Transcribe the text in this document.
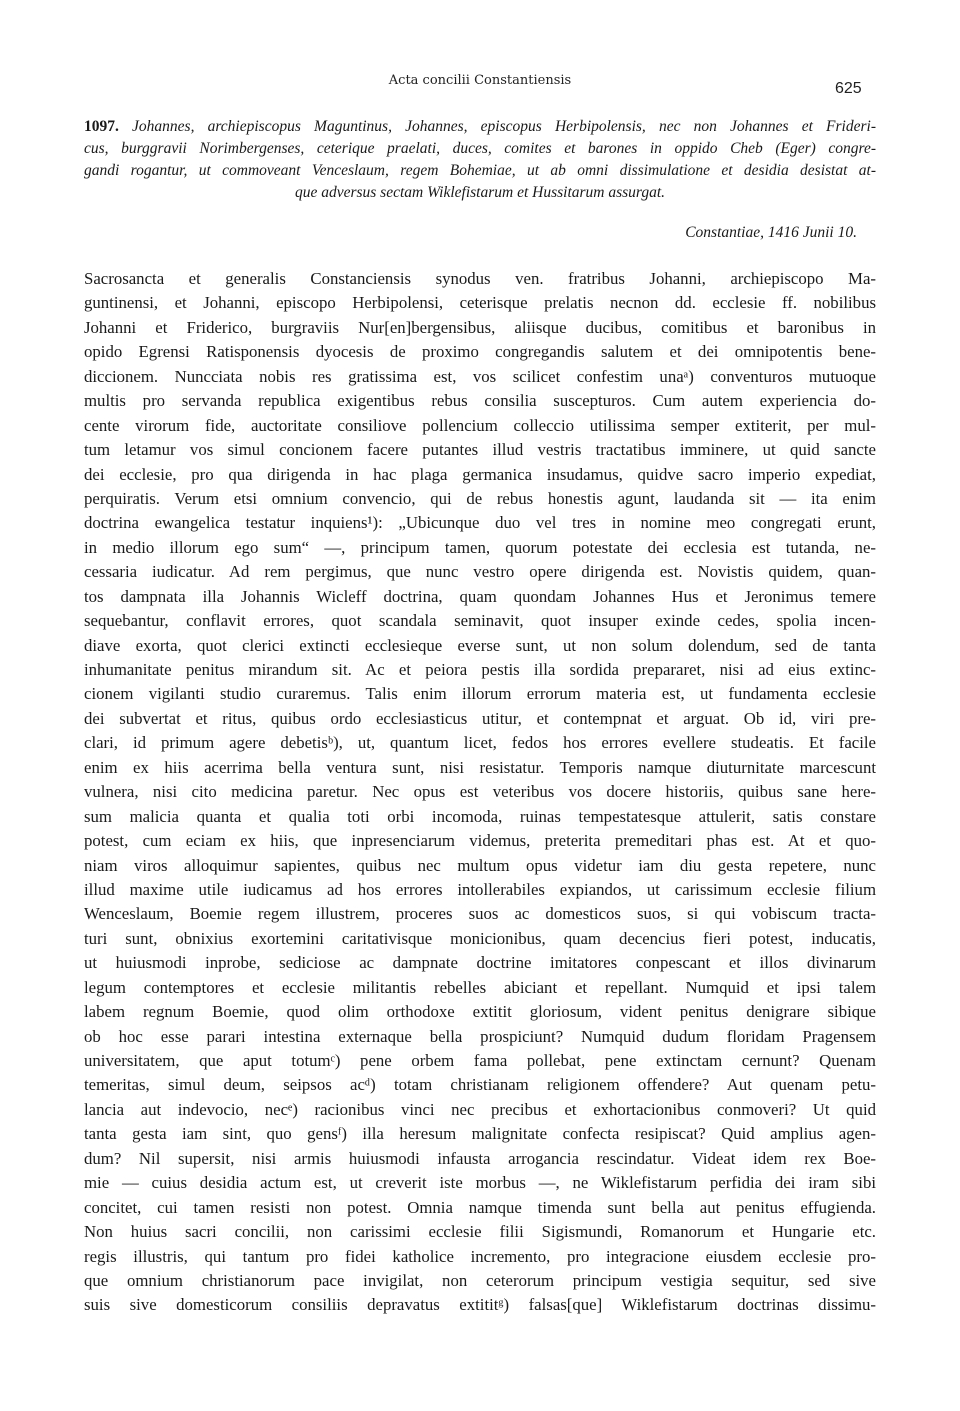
Acta concilii Constantiensis	625
1097. Johannes, archiepiscopus Maguntinus, Johannes, episcopus Herbipolensis, nec non Johannes et Frideri-
cus, burggravii Norimbergenses, ceterique praelati, duces, comites et barones in oppido Cheb (Eger) congre-
gandi rogantur, ut commoveant Venceslaum, regem Bohemiae, ut ab omni dissimulatione et desidia desistat at-
que adversus sectam Wiklefistarum et Hussitarum assurgat.
Constantiae, 1416 Junii 10.
Sacrosancta et generalis Constanciensis synodus ven. fratribus Johanni, archiepiscopo Ma-
guntinensi, et Johanni, episcopo Herbipolensi, ceterisque prelatis necnon dd. ecclesie ff. nobilibus
Johanni et Friderico, burgraviis Nur[en]bergensibus, aliisque ducibus, comitibus et baronibus in
opido Egrensi Ratisponensis dyocesis de proximo congregandis salutem et dei omnipotentis bene-
diccionem. Nuncciata nobis res gratissima est, vos scilicet confestim unaᵃ) conventuros mutuoque
multis pro servanda republica exigentibus rebus consilia suscepturos. Cum autem experiencia do-
cente virorum fide, auctoritate consiliove pollencium colleccio utilissima semper extiterit, per mul-
tum letamur vos simul concionem facere putantes illud vestris tractatibus imminere, ut quid sancte
dei ecclesie, pro qua dirigenda in hac plaga germanica insudamus, quidve sacro imperio expediat,
perquiratis. Verum etsi omnium convencio, qui de rebus honestis agunt, laudanda sit — ita enim
doctrina ewangelica testatur inquiens¹): „Ubicunque duo vel tres in nomine meo congregati erunt,
in medio illorum ego sum“ —, principum tamen, quorum potestate dei ecclesia est tutanda, ne-
cessaria iudicatur. Ad rem pergimus, que nunc vestro opere dirigenda est. Novistis quidem, quan-
tos dampnata illa Johannis Wicleff doctrina, quam quondam Johannes Hus et Jeronimus temere
sequebantur, conflavit errores, quot scandala seminavit, quot insuper exinde cedes, spolia incen-
diave exorta, quot clerici extincti ecclesieque everse sunt, ut non solum dolendum, sed de tanta
inhumanitate penitus mirandum sit. Ac et peiora pestis illa sordida prepararet, nisi ad eius extinc-
cionem vigilanti studio curaremus. Talis enim illorum errorum materia est, ut fundamenta ecclesie
dei subvertat et ritus, quibus ordo ecclesiasticus utitur, et contempnat et arguat. Ob id, viri pre-
clari, id primum agere debetisᵇ), ut, quantum licet, fedos hos errores evellere studeatis. Et facile
enim ex hiis acerrima bella ventura sunt, nisi resistatur. Temporis namque diuturnitate marcescunt
vulnera, nisi cito medicina paretur. Nec opus est veteribus vos docere historiis, quibus sane here-
sum malicia quanta et qualia toti orbi incomoda, ruinas tempestatesque attulerit, satis constare
potest, cum eciam ex hiis, que inpresenciarum videmus, preterita premeditari phas est. At et quo-
niam viros alloquimur sapientes, quibus nec multum opus videtur iam diu gesta repetere, nunc
illud maxime utile iudicamus ad hos errores intollerabiles expiandos, ut carissimum ecclesie filium
Wenceslaum, Boemie regem illustrem, proceres suos ac domesticos suos, si qui vobiscum tracta-
turi sunt, obnixius exortemini caritativisque monicionibus, quam decencius fieri potest, inducatis,
ut huiusmodi inprobe, sediciose ac dampnate doctrine imitatores conpescant et illos divinarum
legum contemptores et ecclesie militantis rebelles abiciant et repellant. Numquid et ipsi talem
labem regnum Boemie, quod olim orthodoxe extitit gloriosum, vident penitus denigrare sibique
ob hoc esse parari intestina externaque bella prospiciunt? Numquid dudum floridam Pragensem
universitatem, que aput totumᶜ) pene orbem fama pollebat, pene extinctam cernunt? Quenam
temeritas, simul deum, seipsos acᵈ) totam christianam religionem offendere? Aut quenam petu-
lancia aut indevocio, necᵉ) racionibus vinci nec precibus et exhortacionibus conmoveri? Ut quid
tanta gesta iam sint, quo gensᶠ) illa heresum malignitate confecta resipiscat? Quid amplius agen-
dum? Nil supersit, nisi armis huiusmodi infausta arrogancia rescindatur. Videat idem rex Boe-
mie — cuius desidia actum est, ut creverit iste morbus —, ne Wiklefistarum perfidia dei iram sibi
concitet, cui tamen resisti non potest. Omnia namque timenda sunt bella aut penitus effugienda.
Non huius sacri concilii, non carissimi ecclesie filii Sigismundi, Romanorum et Hungarie etc.
regis illustris, qui tantum pro fidei katholice incremento, pro integracione eiusdem ecclesie pro-
que omnium christianorum pace invigilat, non ceterorum principum vestigia sequitur, sed sive
suis sive domesticorum consiliis depravatus extititᵍ) falsas[que] Wiklefistarum doctrinas dissimu-
